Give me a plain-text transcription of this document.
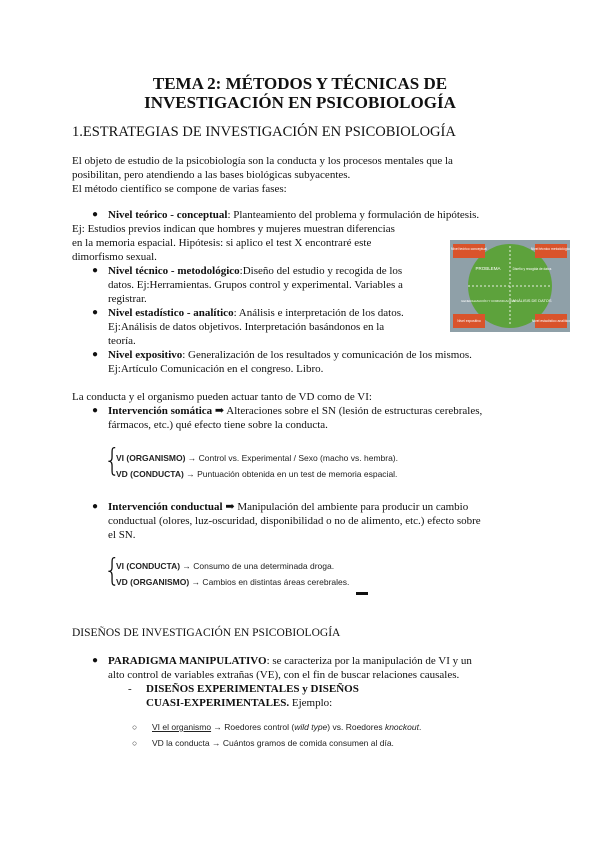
TEMA 2: MÉTODOS Y TÉCNICAS DE
INVESTIGACIÓN EN PSICOBIOLOGÍA
1.ESTRATEGIAS DE INVESTIGACIÓN EN PSICOBIOLOGÍA
El objeto de estudio de la psicobiología son la conducta y los procesos mentales que la
posibilitan, pero atendiendo a las bases biológicas subyacentes.
El método científico se compone de varias fases:
● Nivel teórico - conceptual: Planteamiento del problema y formulación de hipótesis.
Ej: Estudios previos indican que hombres y mujeres muestran diferencias
en la memoria espacial. Hipótesis: si aplico el test X encontraré este
dimorfismo sexual.
Nivel teórico conceptual	Nivel técnico metodológico
Nivel expositivo	Nivel estadístico analítico
PROBLEMA	Diseño y recogida de datos
GENERALIZACIÓN Y COMUNICACIÓN
ANÁLISIS DE DATOS
● Nivel técnico - metodológico:Diseño del estudio y recogida de los
datos. Ej:Herramientas. Grupos control y experimental. Variables a
registrar.
● Nivel estadístico - analítico: Análisis e interpretación de los datos.
Ej:Análisis de datos objetivos. Interpretación basándonos en la
teoría.
● Nivel expositivo: Generalización de los resultados y comunicación de los mismos.
Ej:Artículo Comunicación en el congreso. Libro.
La conducta y el organismo pueden actuar tanto de VD como de VI:
● Intervención somática ➡ Alteraciones sobre el SN (lesión de estructuras cerebrales,
fármacos, etc.) qué efecto tiene sobre la conducta.
{
VI (ORGANISMO) → Control vs. Experimental / Sexo (macho vs. hembra).
VD (CONDUCTA) → Puntuación obtenida en un test de memoria espacial.
● Intervención conductual ➡ Manipulación del ambiente para producir un cambio
conductual (olores, luz-oscuridad, disponibilidad o no de alimento, etc.) efecto sobre
el SN.
{
VI (CONDUCTA) → Consumo de una determinada droga.
VD (ORGANISMO) → Cambios en distintas áreas cerebrales.
DISEÑOS DE INVESTIGACIÓN EN PSICOBIOLOGÍA
● PARADIGMA MANIPULATIVO: se caracteriza por la manipulación de VI y un
alto control de variables extrañas (VE), con el fin de buscar relaciones causales.
- DISEÑOS EXPERIMENTALES y DISEÑOS
CUASI-EXPERIMENTALES. Ejemplo:
○ VI el organismo → Roedores control (wild type) vs. Roedores knockout.
○ VD la conducta → Cuántos gramos de comida consumen al día.
